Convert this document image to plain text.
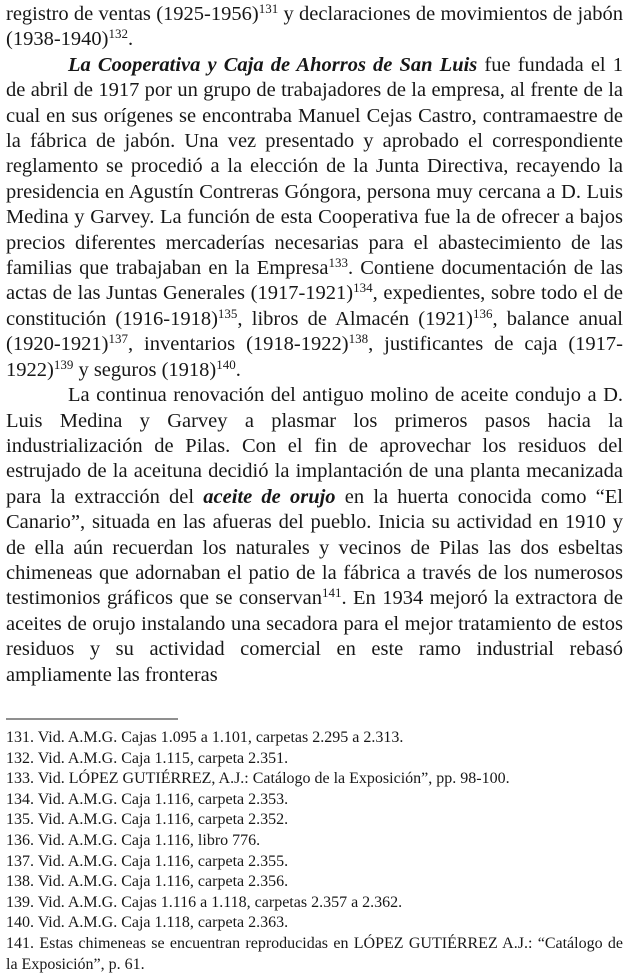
registro de ventas (1925-1956)$^{131}$ y declaraciones de movimientos de jabón (1938-1940)$^{132}$.

La Cooperativa y Caja de Ahorros de San Luis fue fundada el 1 de abril de 1917 por un grupo de trabajadores de la empresa, al frente de la cual en sus orígenes se encontraba Manuel Cejas Castro, contramaestre de la fábrica de jabón. Una vez presentado y aprobado el correspondiente reglamento se procedió a la elección de la Junta Directiva, recayendo la presidencia en Agustín Contreras Góngora, persona muy cercana a D. Luis Medina y Garvey. La función de esta Cooperativa fue la de ofrecer a bajos precios diferentes mercaderías necesarias para el abastecimiento de las familias que trabajaban en la Empresa$^{133}$. Contiene documentación de las actas de las Juntas Generales (1917-1921)$^{134}$, expedientes, sobre todo el de constitución (1916-1918)$^{135}$, libros de Almacén $(1921)^{136}$, balance anual (1920-1921)$^{137}$, inventarios (1918-1922)$^{138}$, justificantes de caja (1917-1922)$^{139}$ y seguros $(1918)^{140}$.

La continua renovación del antiguo molino de aceite condujo a D. Luis Medina y Garvey a plasmar los primeros pasos hacia la industrialización de Pilas. Con el fin de aprovechar los residuos del estrujado de la aceituna decidió la implantación de una planta mecanizada para la extracción del aceite de orujo en la huerta conocida como “El Canario”, situada en las afueras del pueblo. Inicia su actividad en 1910 y de ella aún recuerdan los naturales y vecinos de Pilas las dos esbeltas chimeneas que adornaban el patio de la fábrica a través de los numerosos testimonios gráficos que se conservan$^{141}$. En 1934 mejoró la extractora de aceites de orujo instalando una secadora para el mejor tratamiento de estos residuos y su actividad comercial en este ramo industrial rebasó ampliamente las fronteras

131. Vid. A.M.G. Cajas 1.095 a 1.101, carpetas 2.295 a 2.313.
132. Vid. A.M.G. Caja 1.115, carpeta 2.351.
133. Vid. LÓPEZ GUTIÉRREZ, A.J.: Catálogo de la Exposición”, pp. 98-100.
134. Vid. A.M.G. Caja 1.116, carpeta 2.353.
135. Vid. A.M.G. Caja 1.116, carpeta 2.352.
136. Vid. A.M.G. Caja 1.116, libro 776.
137. Vid. A.M.G. Caja 1.116, carpeta 2.355.
138. Vid. A.M.G. Caja 1.116, carpeta 2.356.
139. Vid. A.M.G. Cajas 1.116 a 1.118, carpetas 2.357 a 2.362.
140. Vid. A.M.G. Caja 1.118, carpeta 2.363.
141. Estas chimeneas se encuentran reproducidas en LÓPEZ GUTIÉRREZ A.J.: “Catálogo de la Exposición”, p. 61.
